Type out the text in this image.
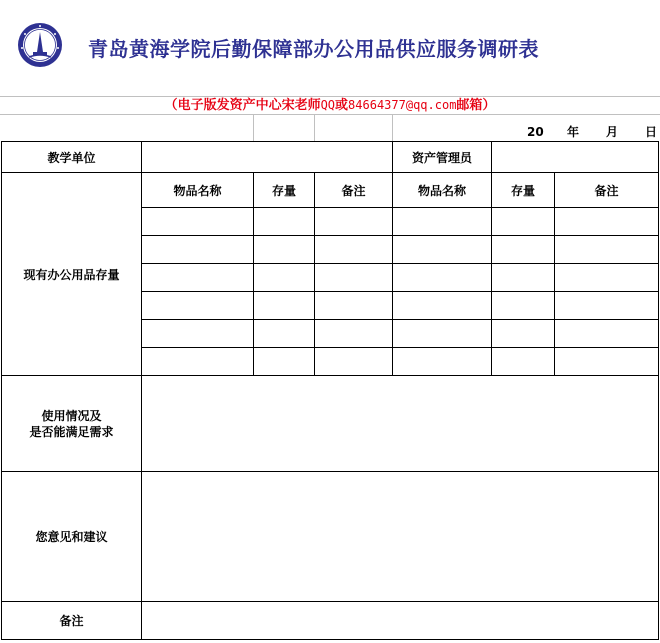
青岛黄海学院后勤保障部办公用品供应服务调研表
（电子版发资产中心宋老师QQ或84664377@qq.com邮箱）
20 年 月 日
教学单位				资产管理员		
现有办公用品存量	物品名称	存量	备注	物品名称	存量	备注

使用情况及
是否能满足需求						
您意见和建议						
备注						
